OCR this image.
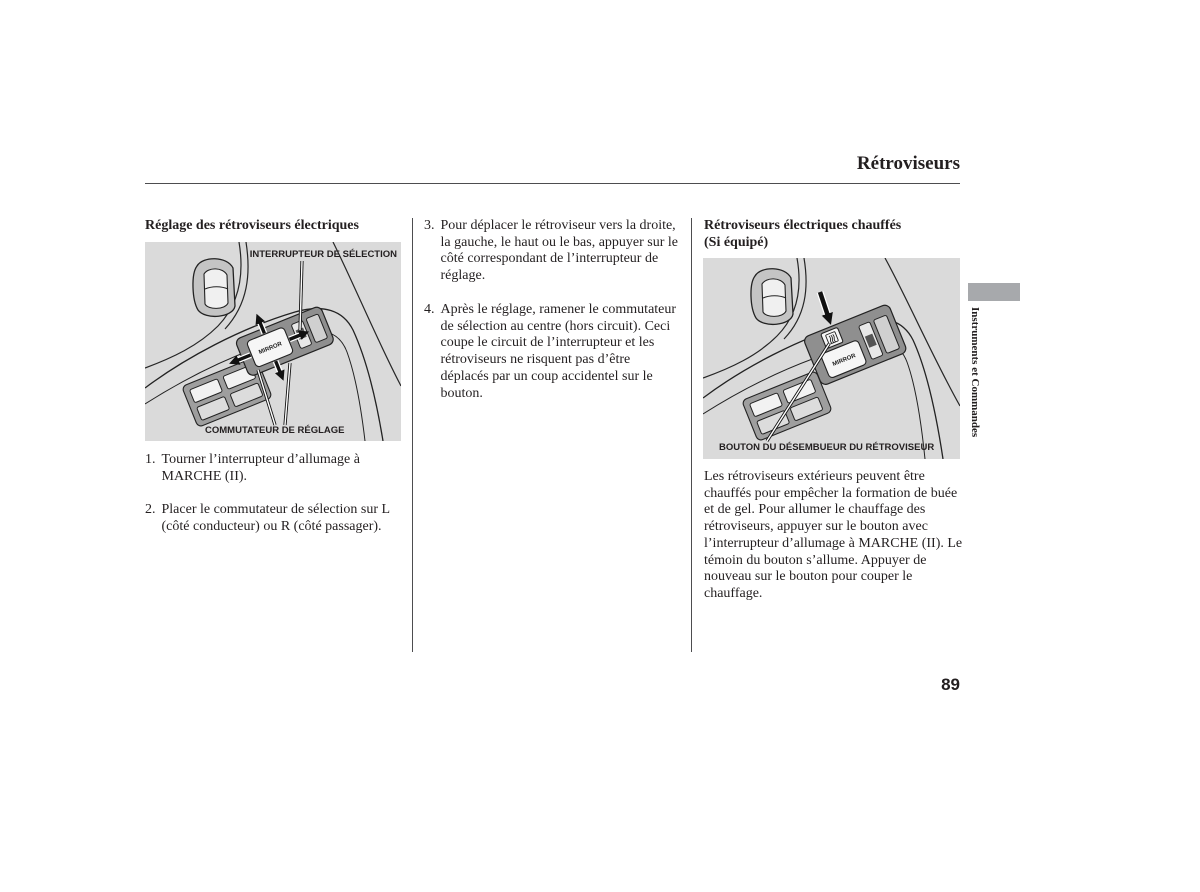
Rétroviseurs
Réglage des rétroviseurs électriques
MIRROR
INTERRUPTEUR DE SÉLECTION
COMMUTATEUR DE RÉGLAGE
1. Tourner l’interrupteur d’allumage à
MARCHE (II).
2. Placer le commutateur de sélection sur L
(côté conducteur) ou R (côté passager).
3. Pour déplacer le rétroviseur vers la droite,
la gauche, le haut ou le bas, appuyer sur le
côté correspondant de l’interrupteur de
réglage.
4. Après le réglage, ramener le commutateur
de sélection au centre (hors circuit). Ceci
coupe le circuit de l’interrupteur et les
rétroviseurs ne risquent pas d’être
déplacés par un coup accidentel sur le
bouton.
Rétroviseurs électriques chauffés
(Si équipé)
MIRROR
BOUTON DU DÉSEMBUEUR DU RÉTROVISEUR
Les rétroviseurs extérieurs peuvent être
chauffés pour empêcher la formation de buée
et de gel. Pour allumer le chauffage des
rétroviseurs, appuyer sur le bouton avec
l’interrupteur d’allumage à MARCHE (II). Le
témoin du bouton s’allume. Appuyer de
nouveau sur le bouton pour couper le
chauffage.
Instruments et Commandes
89
